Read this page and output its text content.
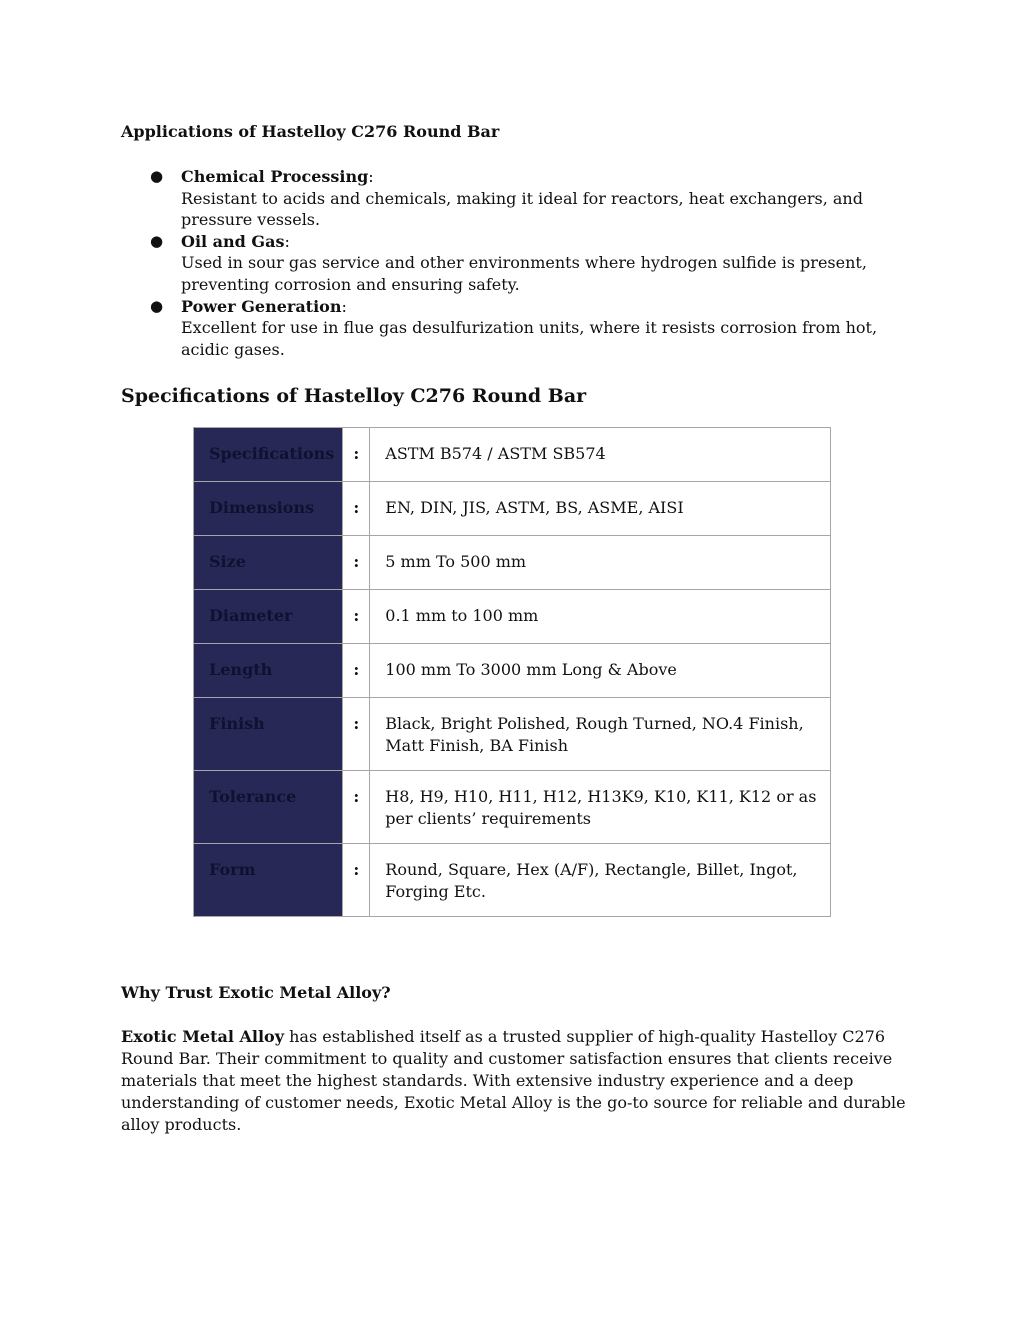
Applications of Hastelloy C276 Round Bar
● Chemical Processing:
Resistant to acids and chemicals, making it ideal for reactors, heat exchangers, and pressure vessels.
● Oil and Gas:
Used in sour gas service and other environments where hydrogen sulfide is present, preventing corrosion and ensuring safety.
● Power Generation:
Excellent for use in flue gas desulfurization units, where it resists corrosion from hot, acidic gases.
Specifications of Hastelloy C276 Round Bar
Specifications	:	ASTM B574 / ASTM SB574
Dimensions	:	EN, DIN, JIS, ASTM, BS, ASME, AISI
Size	:	5 mm To 500 mm
Diameter	:	0.1 mm to 100 mm
Length	:	100 mm To 3000 mm Long & Above
Finish	:	Black, Bright Polished, Rough Turned, NO.4 Finish, Matt Finish, BA Finish
Tolerance	:	H8, H9, H10, H11, H12, H13K9, K10, K11, K12 or as per clients’ requirements
Form	:	Round, Square, Hex (A/F), Rectangle, Billet, Ingot, Forging Etc.
Why Trust Exotic Metal Alloy?

Exotic Metal Alloy has established itself as a trusted supplier of high-quality Hastelloy C276 Round Bar. Their commitment to quality and customer satisfaction ensures that clients receive materials that meet the highest standards. With extensive industry experience and a deep understanding of customer needs, Exotic Metal Alloy is the go-to source for reliable and durable alloy products.
